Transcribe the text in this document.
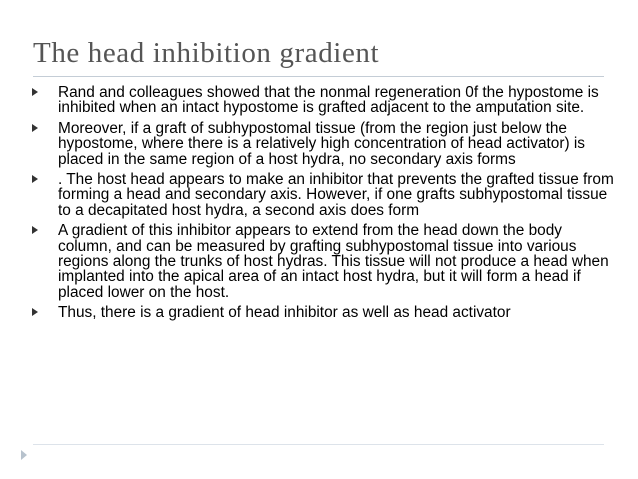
The head inhibition gradient
Rand and colleagues showed that the nonmal regeneration 0f the hypostome is inhibited when an intact hypostome is grafted adjacent to the amputation site.
Moreover, if a graft of subhypostomal tissue (from the region just below the hypostome, where there is a relatively high concentration of head activator) is placed in the same region of a host hydra, no secondary axis forms
. The host head appears to make an inhibitor that prevents the grafted tissue from forming a head and secondary axis. However, if one grafts subhypostomal tissue to a decapitated host hydra, a second axis does form
A gradient of this inhibitor appears to extend from the head down the body column, and can be measured by grafting subhypostomal tissue into various regions along the trunks of host hydras. This tissue will not produce a head when implanted into the apical area of an intact host hydra, but it will form a head if placed lower on the host.
Thus, there is a gradient of head inhibitor as well as head activator
